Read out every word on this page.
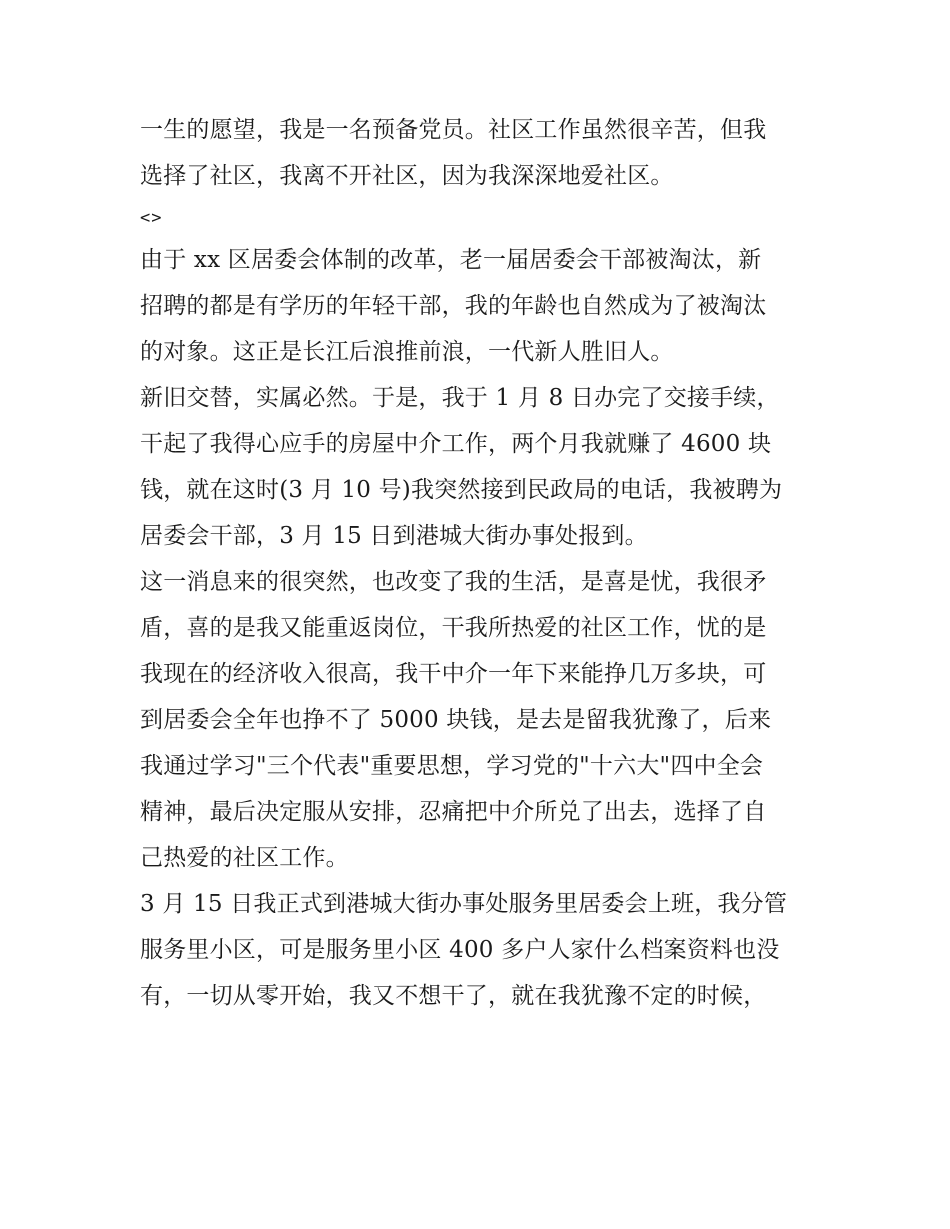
一生的愿望，我是一名预备党员。社区工作虽然很辛苦，但我
选择了社区，我离不开社区，因为我深深地爱社区。
<>
由于 xx 区居委会体制的改革，老一届居委会干部被淘汰，新
招聘的都是有学历的年轻干部，我的年龄也自然成为了被淘汰
的对象。这正是长江后浪推前浪，一代新人胜旧人。
新旧交替，实属必然。于是，我于 1 月 8 日办完了交接手续，
干起了我得心应手的房屋中介工作，两个月我就赚了 4600 块
钱，就在这时(3 月 10 号)我突然接到民政局的电话，我被聘为
居委会干部，3 月 15 日到港城大街办事处报到。
这一消息来的很突然，也改变了我的生活，是喜是忧，我很矛
盾，喜的是我又能重返岗位，干我所热爱的社区工作，忧的是
我现在的经济收入很高，我干中介一年下来能挣几万多块，可
到居委会全年也挣不了 5000 块钱，是去是留我犹豫了，后来
我通过学习"三个代表"重要思想，学习党的"十六大"四中全会
精神，最后决定服从安排，忍痛把中介所兑了出去，选择了自
己热爱的社区工作。
3 月 15 日我正式到港城大街办事处服务里居委会上班，我分管
服务里小区，可是服务里小区 400 多户人家什么档案资料也没
有，一切从零开始，我又不想干了，就在我犹豫不定的时候，
